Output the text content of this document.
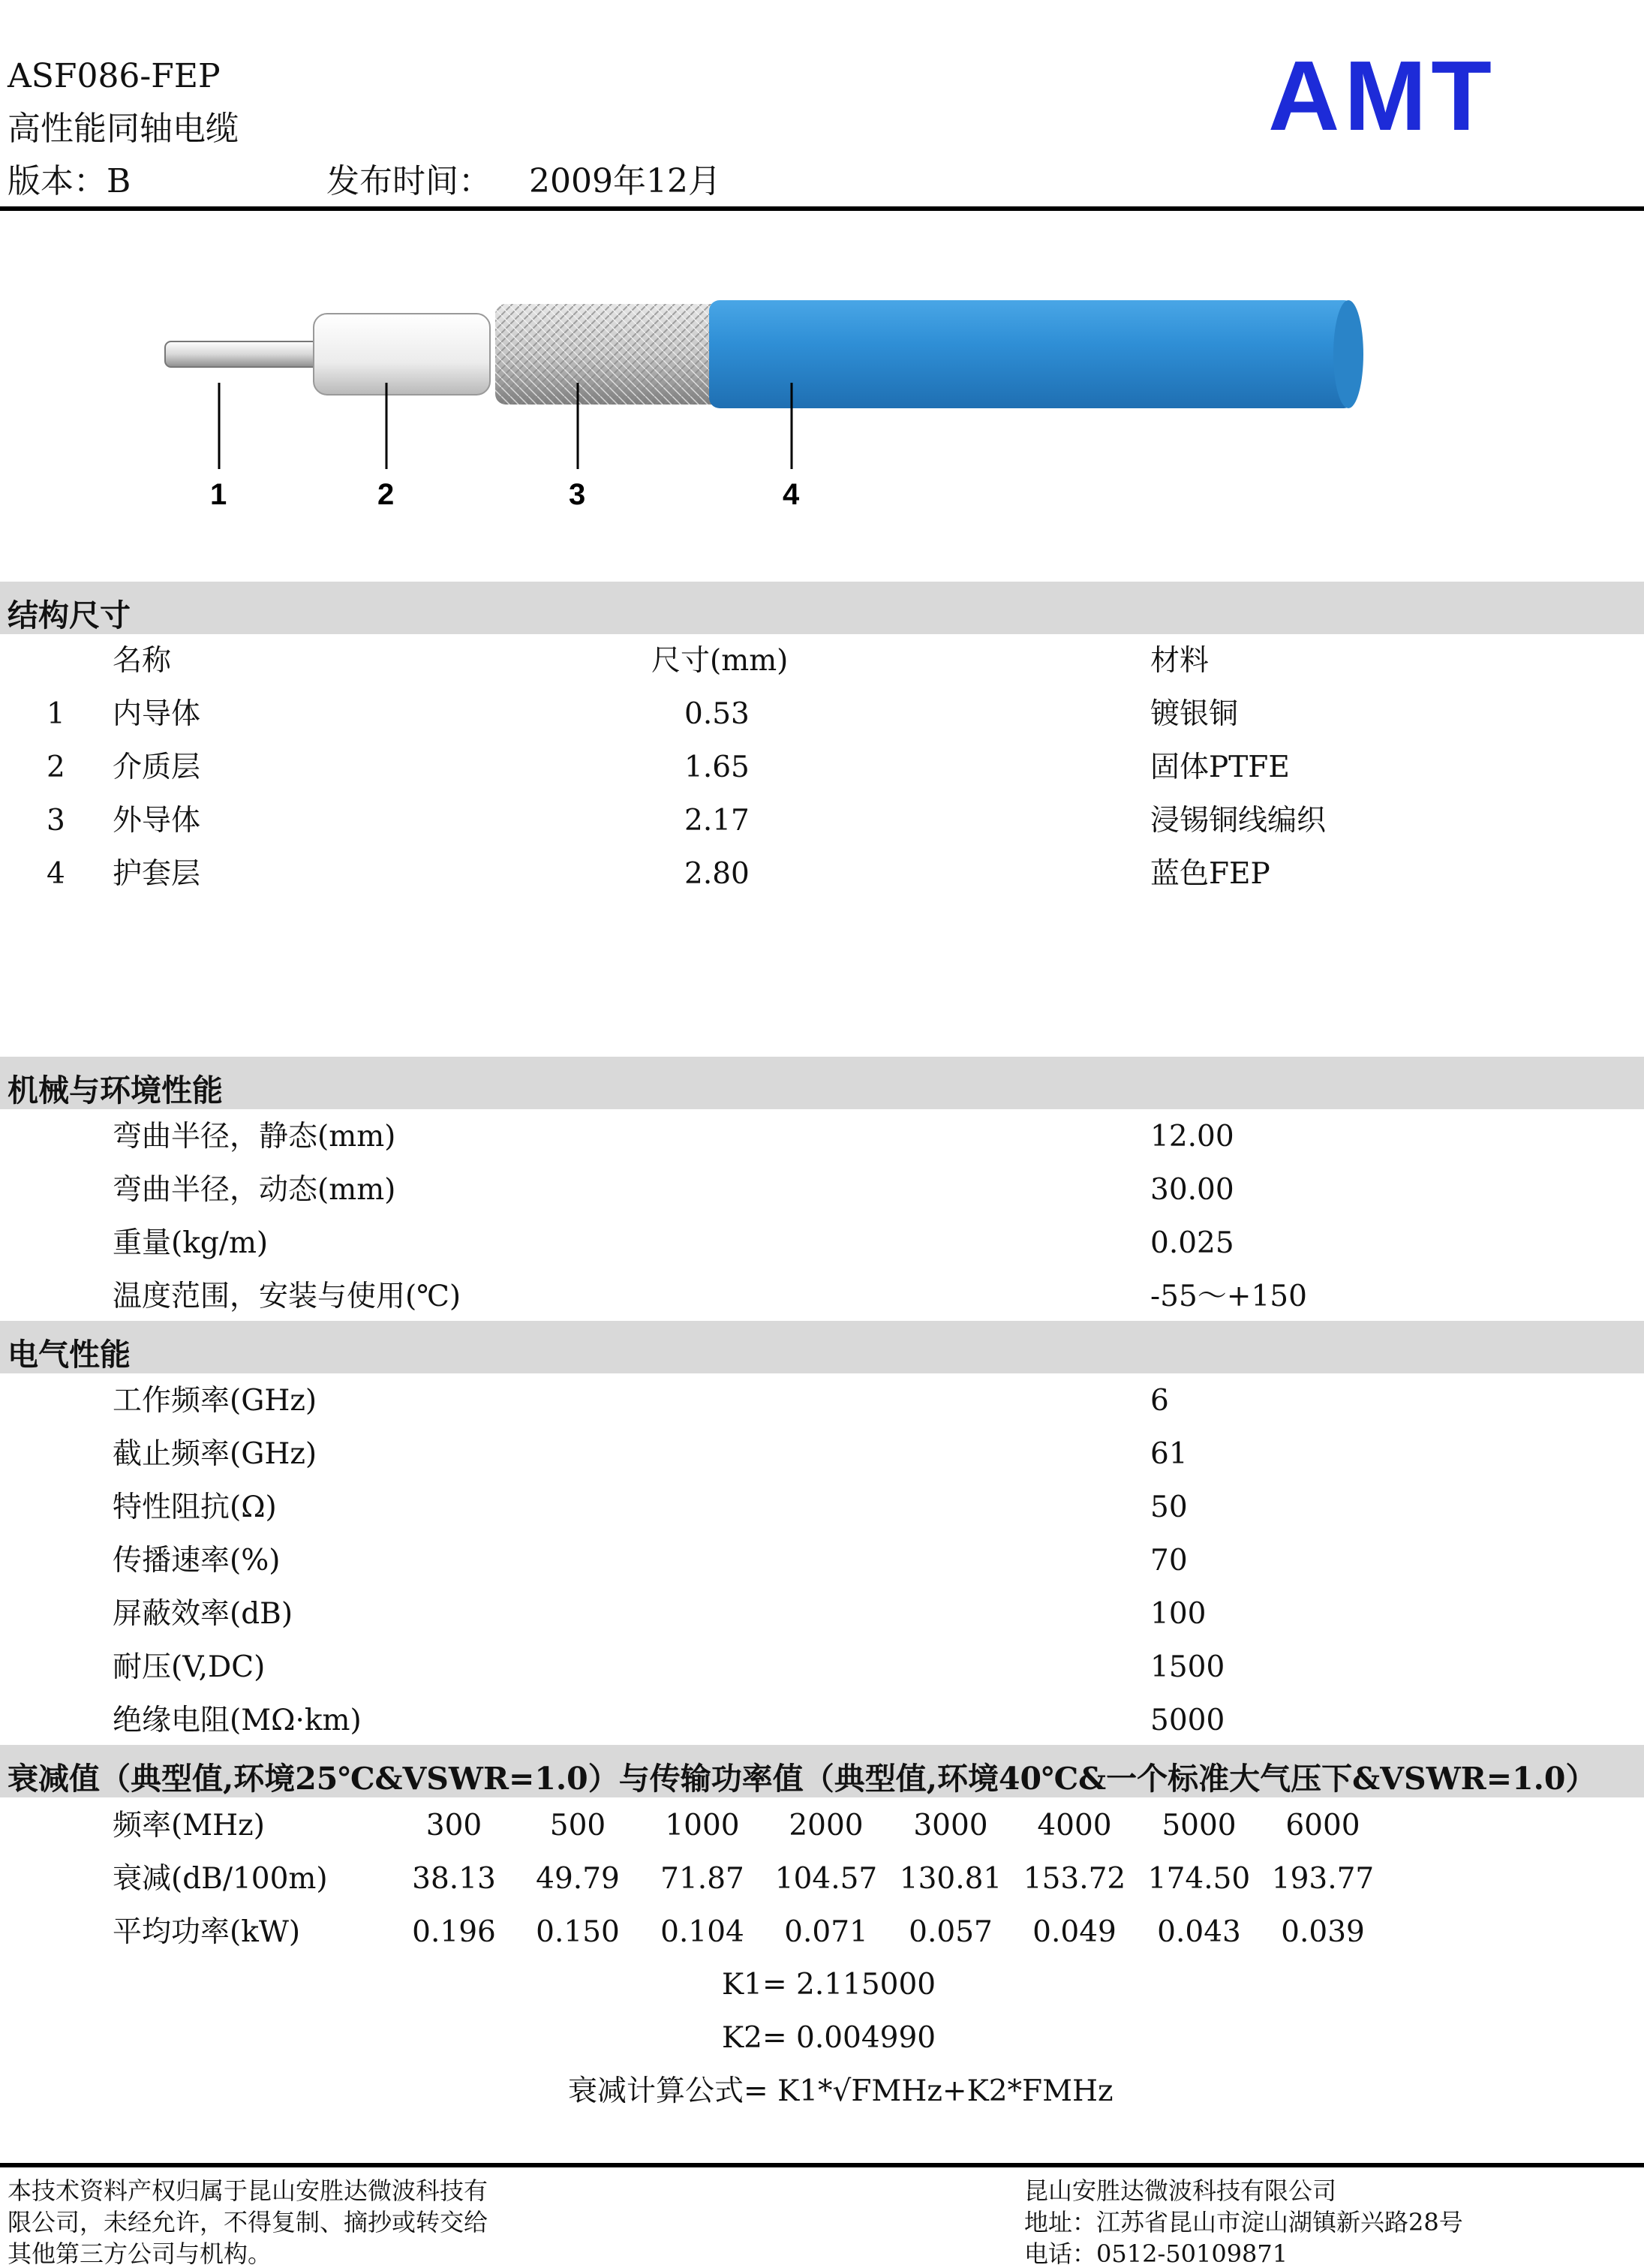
ASF086-FEP
高性能同轴电缆
版本：B	发布时间： 2009年12月
AMT
1	2	3	4
结构尺寸
名称	尺寸(mm)	材料
1 内导体	0.53	镀银铜
2 介质层	1.65	固体PTFE
3 外导体	2.17	浸锡铜线编织
4 护套层	2.80	蓝色FEP
机械与环境性能
弯曲半径，静态(mm)	12.00
弯曲半径，动态(mm)	30.00
重量(kg/m)	0.025
温度范围，安装与使用(℃)	-55～+150
电气性能
工作频率(GHz)	6
截止频率(GHz)	61
特性阻抗(Ω)	50
传播速率(%)	70
屏蔽效率(dB)	100
耐压(V,DC)	1500
绝缘电阻(MΩ·km)	5000
衰减值（典型值,环境25℃&VSWR=1.0）与传输功率值（典型值,环境40℃&一个标准大气压下&VSWR=1.0）
频率(MHz)	300 500 1000 2000 3000 4000 5000 6000
衰减(dB/100m)	38.13 49.79 71.87 104.57 130.81 153.72 174.50 193.77
平均功率(kW)	0.196 0.150 0.104 0.071 0.057 0.049 0.043 0.039
K1= 2.115000
K2= 0.004990
衰减计算公式= K1*√FMHz+K2*FMHz
本技术资料产权归属于昆山安胜达微波科技有
限公司，未经允许，不得复制、摘抄或转交给
其他第三方公司与机构。
昆山安胜达微波科技有限公司
地址：江苏省昆山市淀山湖镇新兴路28号
电话：0512-50109871
